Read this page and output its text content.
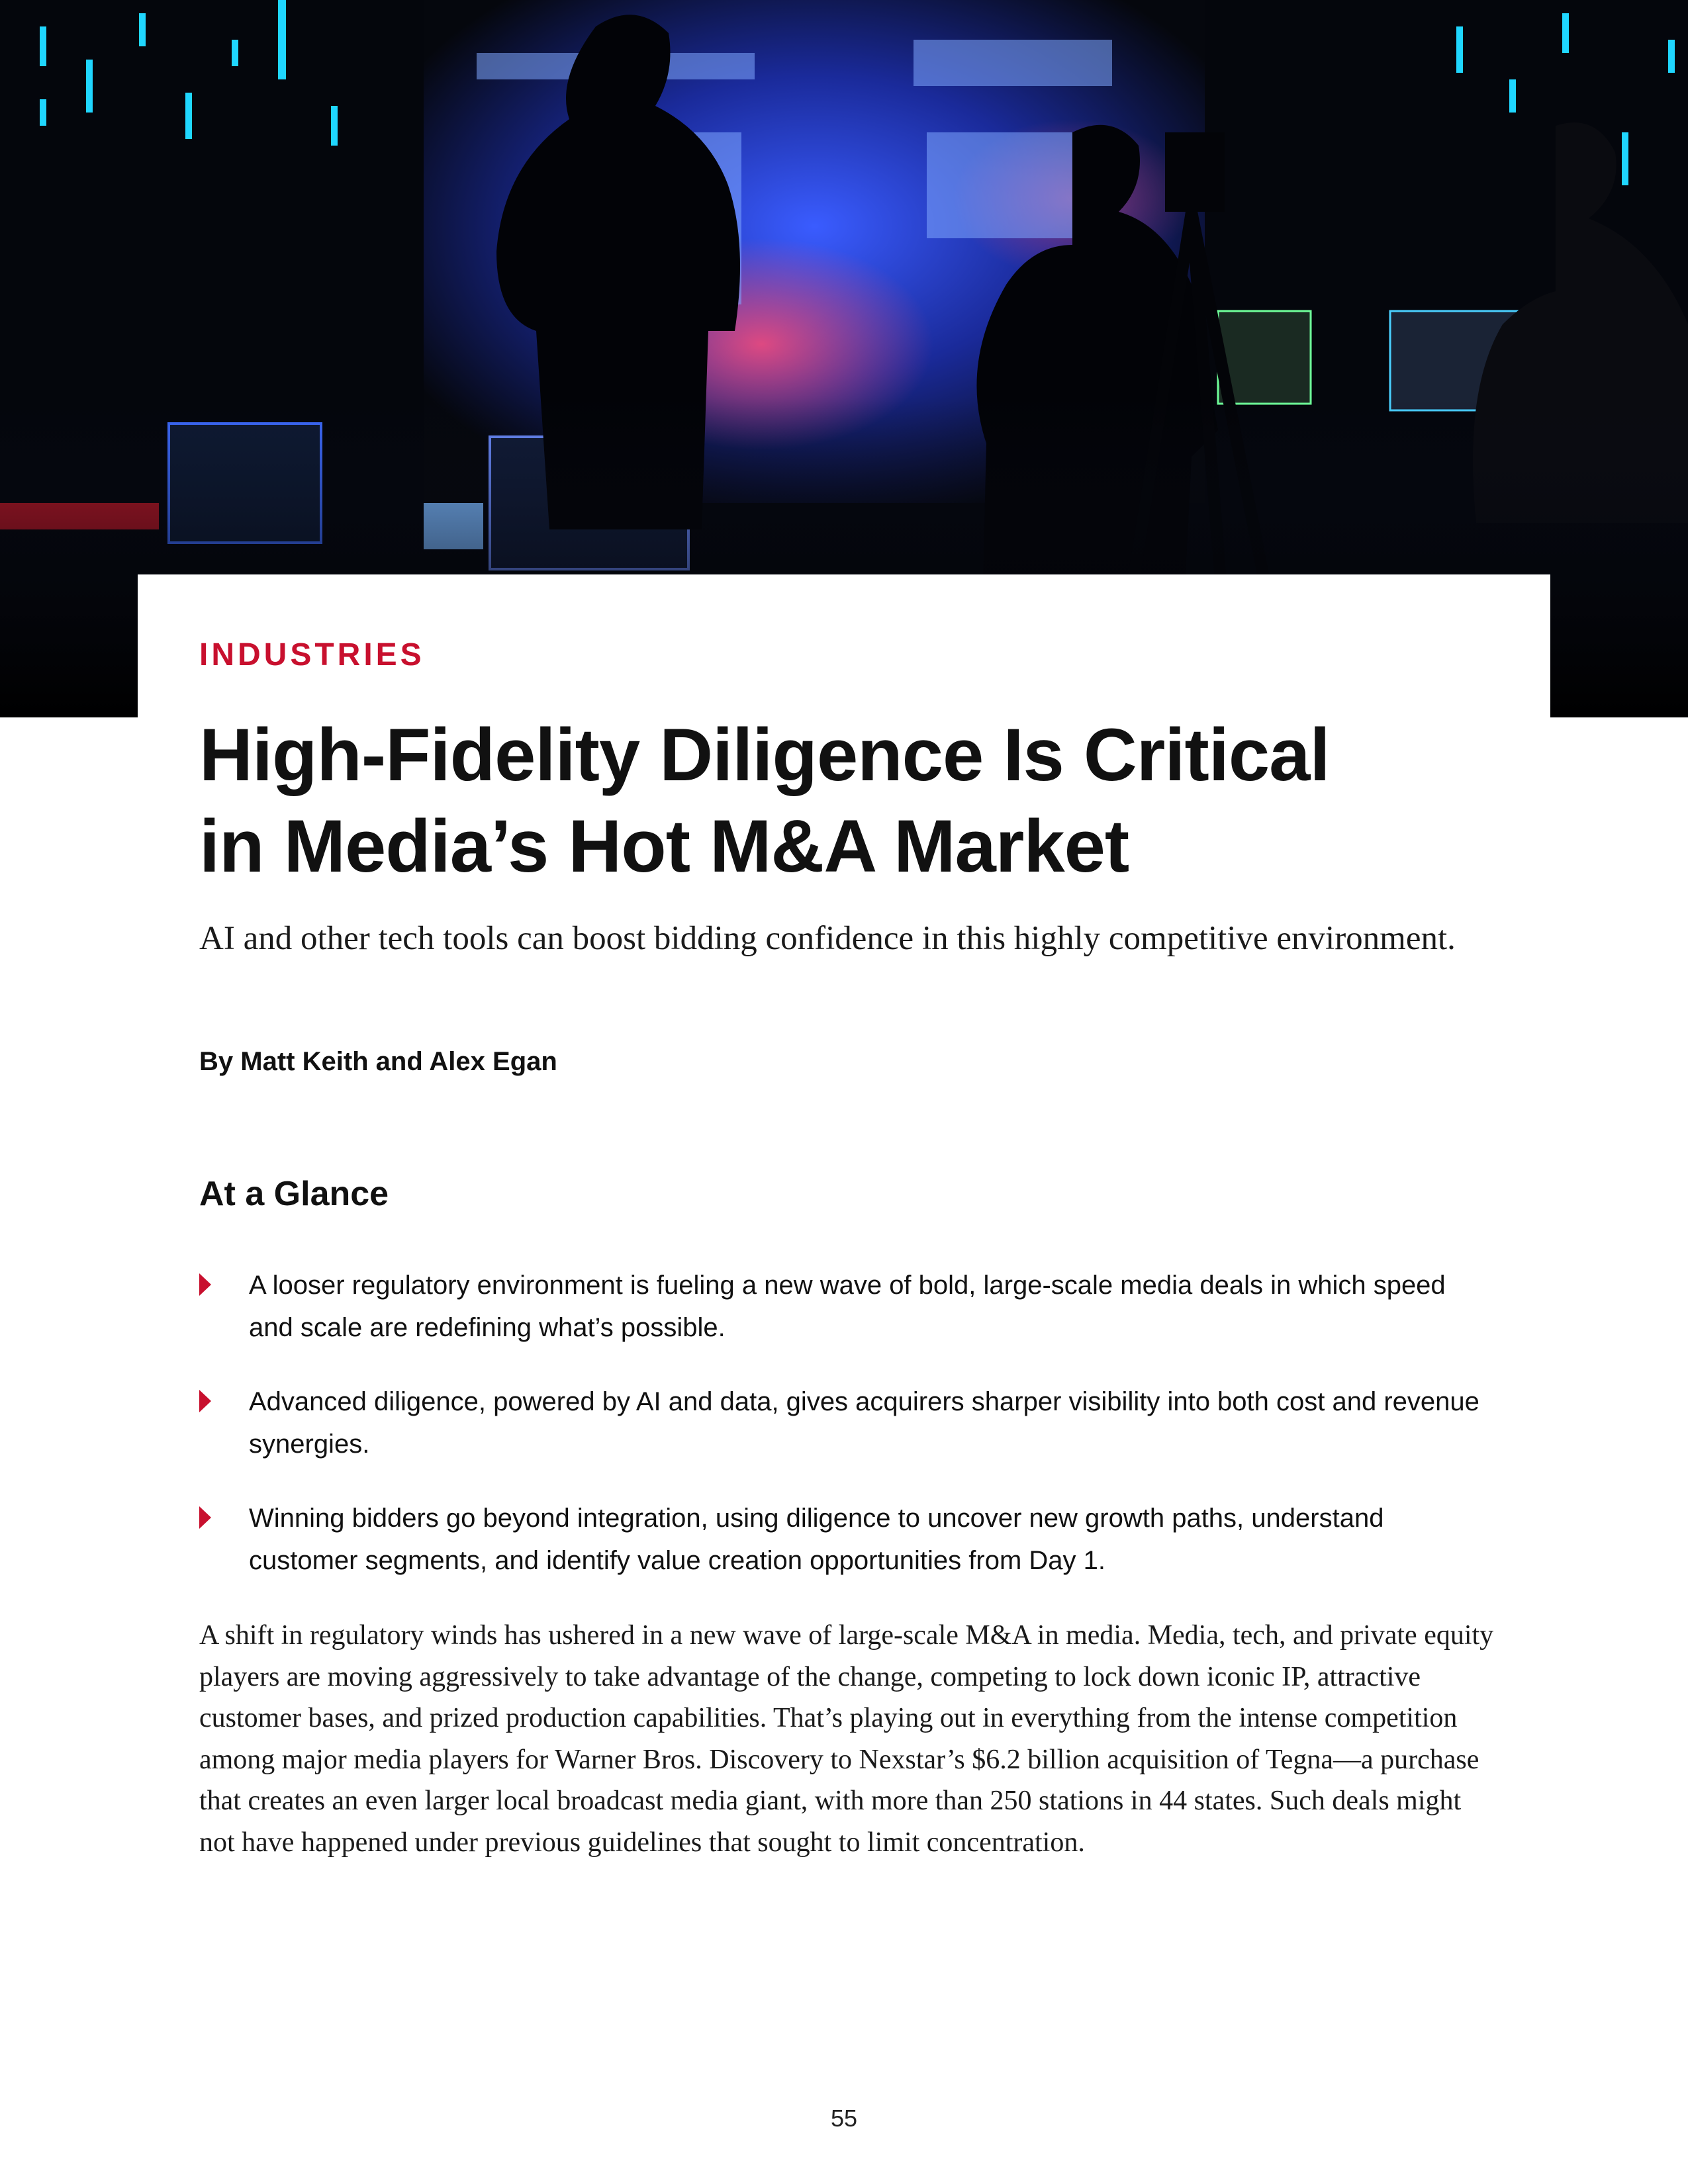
INDUSTRIES
High-Fidelity Diligence Is Critical
in Media’s Hot M&A Market

AI and other tech tools can boost bidding confidence in this highly competitive environment.

By Matt Keith and Alex Egan

At a Glance
A looser regulatory environment is fueling a new wave of bold, large-scale media deals in which speed and scale are redefining what’s possible.
Advanced diligence, powered by AI and data, gives acquirers sharper visibility into both cost and revenue synergies.
Winning bidders go beyond integration, using diligence to uncover new growth paths, understand customer segments, and identify value creation opportunities from Day 1.

A shift in regulatory winds has ushered in a new wave of large-scale M&A in media. Media, tech, and private equity players are moving aggressively to take advantage of the change, competing to lock down iconic IP, attractive customer bases, and prized production capabilities. That’s playing out in everything from the intense competition among major media players for Warner Bros. Discovery to Nexstar’s $6.2 billion acquisition of Tegna—a purchase that creates an even larger local broadcast media giant, with more than 250 stations in 44 states. Such deals might not have happened under previous guidelines that sought to limit concentration.

55
